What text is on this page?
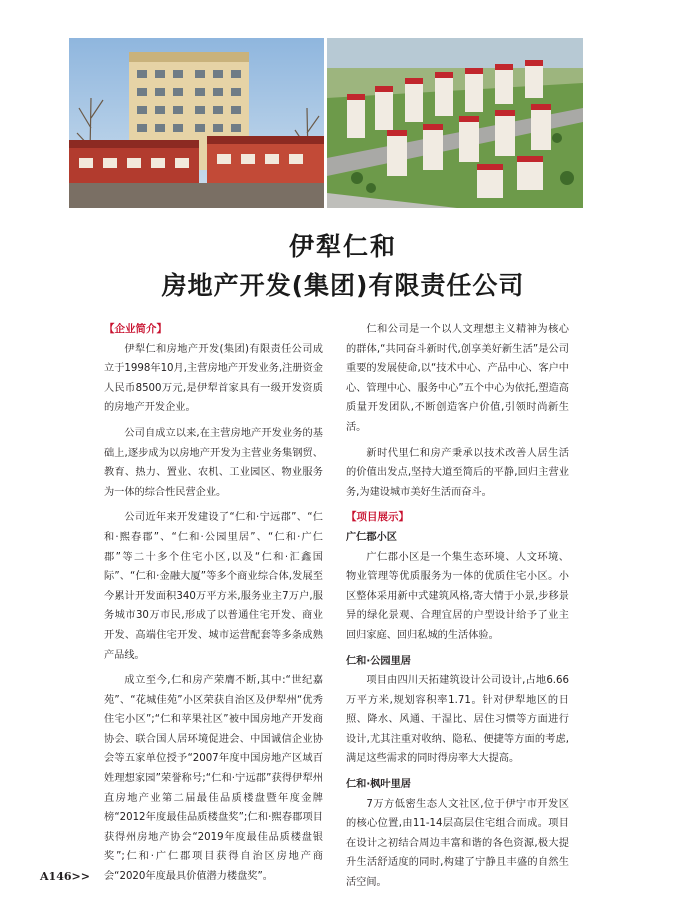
伊犁仁和
房地产开发(集团)有限责任公司
【企业简介】

伊犁仁和房地产开发(集团)有限责任公司成立于1998年10月,主营房地产开发业务,注册资金人民币8500万元,是伊犁首家具有一级开发资质的房地产开发企业。

公司自成立以来,在主营房地产开发业务的基础上,逐步成为以房地产开发为主营业务集钢贸、教育、热力、置业、农机、工业园区、物业服务为一体的综合性民营企业。

公司近年来开发建设了“仁和·宁远郡”、“仁和·熙春郡”、“仁和·公园里居”、“仁和·广仁郡”等二十多个住宅小区,以及“仁和·汇鑫国际”、“仁和·金融大厦”等多个商业综合体,发展至今累计开发面积340万平方米,服务业主7万户,服务城市30万市民,形成了以普通住宅开发、商业开发、高端住宅开发、城市运营配套等多条成熟产品线。

成立至今,仁和房产荣膺不断,其中:“世纪嘉苑”、“花城佳苑”小区荣获自治区及伊犁州“优秀住宅小区”;“仁和苹果社区”被中国房地产开发商协会、联合国人居环境促进会、中国诚信企业协会等五家单位授予“2007年度中国房地产区域百姓理想家园”荣誉称号;“仁和·宁远郡”获得伊犁州直房地产业第二届最佳品质楼盘暨年度金牌榜“2012年度最佳品质楼盘奖”;仁和·熙春郡项目获得州房地产协会“2019年度最佳品质楼盘银奖”;仁和·广仁郡项目获得自治区房地产商会“2020年度最具价值潜力楼盘奖”。

仁和公司是一个以人文理想主义精神为核心的群体,“共同奋斗新时代,创享美好新生活”是公司重要的发展使命,以“技术中心、产品中心、客户中心、管理中心、服务中心”五个中心为依托,塑造高质量开发团队,不断创造客户价值,引领时尚新生活。

新时代里仁和房产秉承以技术改善人居生活的价值出发点,坚持大道至简后的平静,回归主营业务,为建设城市美好生活而奋斗。

【项目展示】
广仁郡小区

广仁郡小区是一个集生态环境、人文环境、物业管理等优质服务为一体的优质住宅小区。小区整体采用新中式建筑风格,寄大情于小景,步移景异的绿化景观、合理宜居的户型设计给予了业主回归家庭、回归私城的生活体验。

仁和·公园里居

项目由四川天拓建筑设计公司设计,占地6.66万平方米,规划容积率1.71。针对伊犁地区的日照、降水、风通、干湿比、居住习惯等方面进行设计,尤其注重对收纳、隐私、便捷等方面的考虑,满足这些需求的同时得房率大大提高。

仁和·枫叶里居

7万方低密生态人文社区,位于伊宁市开发区的核心位置,由11-14层高层住宅组合而成。项目在设计之初结合周边丰富和谐的各色资源,极大提升生活舒适度的同时,构建了宁静且丰盛的自然生活空间。

A146>>
